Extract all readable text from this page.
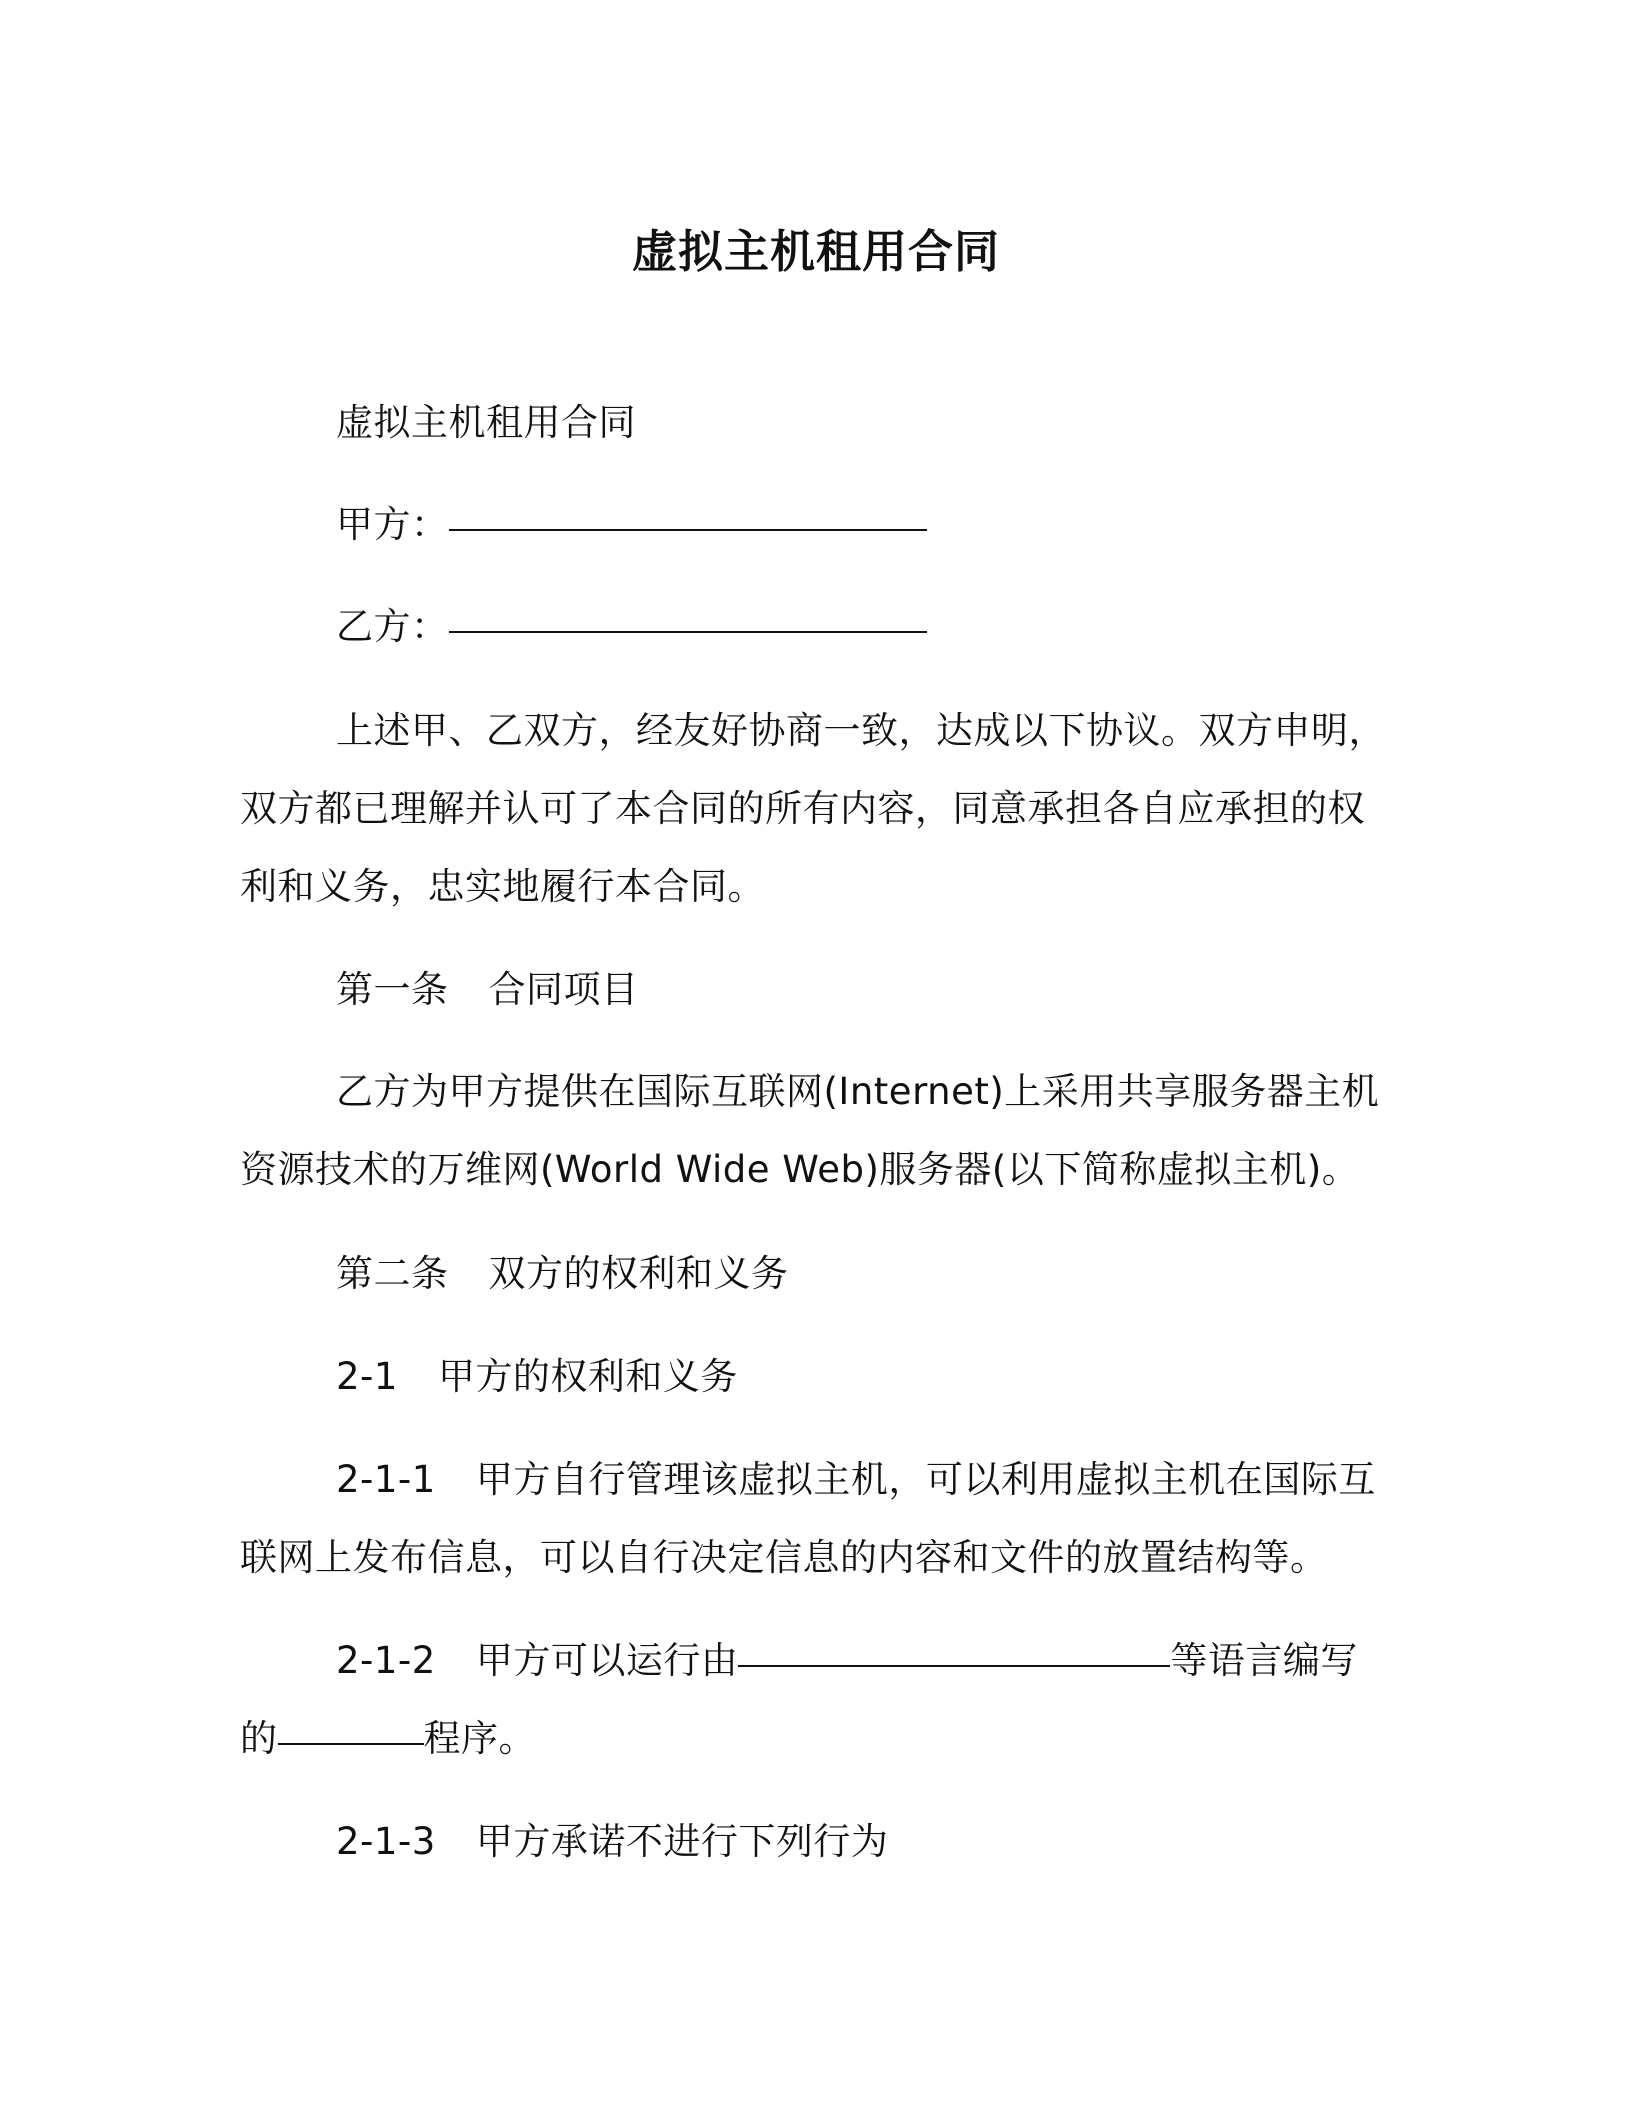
虚拟主机租用合同

虚拟主机租用合同

甲方：

乙方：

上述甲、乙双方，经友好协商一致，达成以下协议。双方申明，双方都已理解并认可了本合同的所有内容，同意承担各自应承担的权利和义务，忠实地履行本合同。

第一条 合同项目

乙方为甲方提供在国际互联网(Internet)上采用共享服务器主机资源技术的万维网(World Wide Web)服务器(以下简称虚拟主机)。

第二条 双方的权利和义务

2-1 甲方的权利和义务

2-1-1 甲方自行管理该虚拟主机，可以利用虚拟主机在国际互联网上发布信息，可以自行决定信息的内容和文件的放置结构等。

2-1-2 甲方可以运行由	等语言编写的	程序。

2-1-3 甲方承诺不进行下列行为
